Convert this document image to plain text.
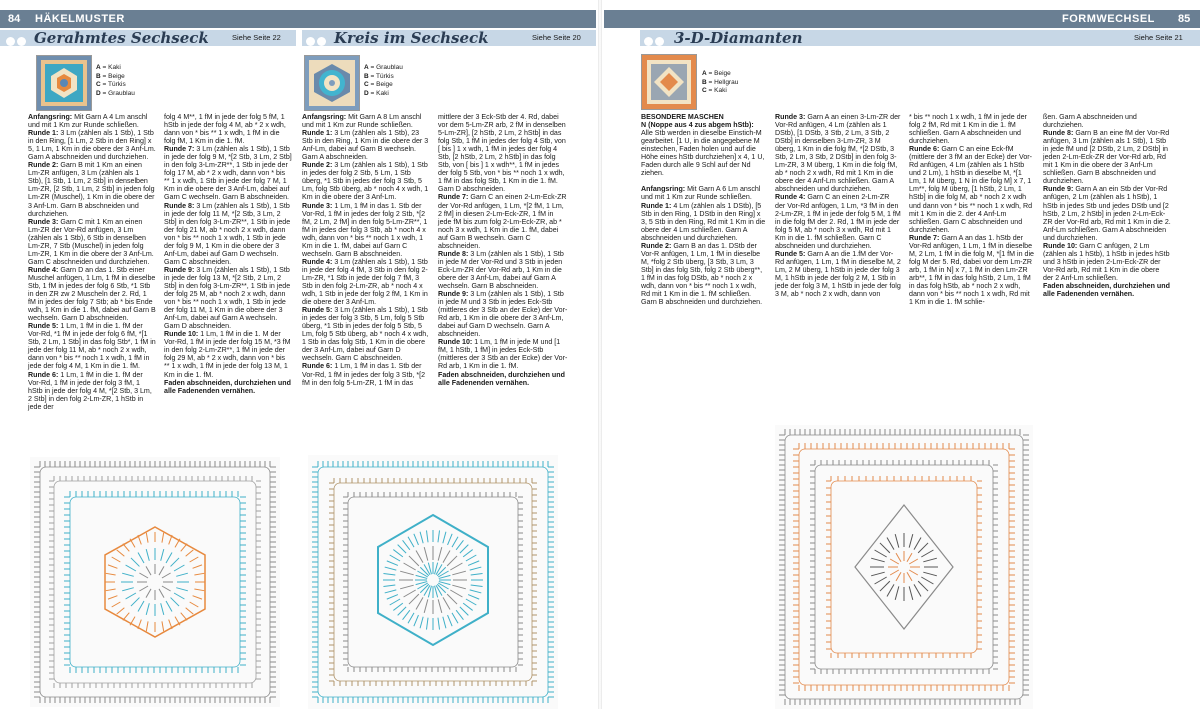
84 HÄKELMUSTER	FORMWECHSEL 85
Gerahmtes Sechseck	Siehe Seite 22	Kreis im Sechseck	Siehe Seite 20	3-D-Diamanten	Siehe Seite 21
A = Kaki
B = Beige
C = Türkis
D = Graublau
A = Graublau
B = Türkis
C = Beige
D = Kaki
A = Beige
B = Hellgrau
C = Kaki

Anfangsring: Mit Garn A 4 Lm anschl und mit 1 Km zur Runde schließen.

Runde 1: 3 Lm (zählen als 1 Stb), 1 Stb in den Ring, [1 Lm, 2 Stb in den Ring] x 5, 1 Lm, 1 Km in die obere der 3 Anf-Lm. Garn A abschneiden und durchziehen.

Runde 2: Garn B mit 1 Km an einen Lm-ZR anfügen, 3 Lm (zählen als 1 Stb), [1 Stb, 1 Lm, 2 Stb] in denselben Lm-ZR, [2 Stb, 1 Lm, 2 Stb] in jeden folg Lm-ZR (Muschel), 1 Km in die obere der 3 Anf-Lm. Garn B abschneiden und durchziehen.

Runde 3: Garn C mit 1 Km an einen Lm-ZR der Vor-Rd anfügen, 3 Lm (zählen als 1 Stb), 6 Stb in denselben Lm-ZR, 7 Stb (Muschel) in jeden folg Lm-ZR, 1 Km in die obere der 3 Anf-Lm. Garn C abschneiden und durchziehen.

Runde 4: Garn D an das 1. Stb einer Muschel anfügen, 1 Lm, 1 fM in dieselbe Stb, 1 fM in jedes der folg 6 Stb, *1 Stb in den ZR zw 2 Muscheln der 2. Rd, 1 fM in jedes der folg 7 Stb; ab * bis Ende wdh, 1 Km in die 1. fM, dabei auf Garn B wechseln. Garn D abschneiden.

Runde 5: 1 Lm, 1 fM in die 1. fM der Vor-Rd, *1 fM in jede der folg 6 fM, *[1 Stb, 2 Lm, 1 Stb] in das folg Stb*, 1 fM in jede der folg 11 M, ab * noch 2 x wdh, dann von * bis ** noch 1 x wdh, 1 fM in jede der folg 4 M, 1 Km in die 1. fM.

Runde 6: 1 Lm, 1 fM in die 1. fM der Vor-Rd, 1 fM in jede der folg 3 fM, 1 hStb in jede der folg 4 M, *[2 Stb, 3 Lm, 2 Stb] in den folg 2-Lm-ZR, 1 hStb in jede der

folg 4 M**, 1 fM in jede der folg 5 fM, 1 hStb in jede der folg 4 M, ab * 2 x wdh, dann von * bis ** 1 x wdh, 1 fM in die folg fM, 1 Km in die 1. fM.

Runde 7: 3 Lm (zählen als 1 Stb), 1 Stb in jede der folg 9 M, *[2 Stb, 3 Lm, 2 Stb] in den folg 3-Lm-ZR**, 1 Stb in jede der folg 17 M, ab * 2 x wdh, dann von * bis ** 1 x wdh, 1 Stb in jede der folg 7 M, 1 Km in die obere der 3 Anf-Lm, dabei auf Garn C wechseln. Garn B abschneiden.

Runde 8: 3 Lm (zählen als 1 Stb), 1 Stb in jede der folg 11 M, *[2 Stb, 3 Lm, 2 Stb] in den folg 3-Lm-ZR**, 1 Stb in jede der folg 21 M, ab * noch 2 x wdh, dann von * bis ** noch 1 x wdh, 1 Stb in jede der folg 9 M, 1 Km in die obere der 3 Anf-Lm, dabei auf Garn D wechseln. Garn C abschneiden.

Runde 9: 3 Lm (zählen als 1 Stb), 1 Stb in jede der folg 13 M, *[2 Stb, 2 Lm, 2 Stb] in den folg 3-Lm-ZR**, 1 Stb in jede der folg 25 M, ab * noch 2 x wdh, dann von * bis ** noch 1 x wdh, 1 Stb in jede der folg 11 M, 1 Km in die obere der 3 Anf-Lm, dabei auf Garn A wechseln. Garn D abschneiden.

Runde 10: 1 Lm, 1 fM in die 1. M der Vor-Rd, 1 fM in jede der folg 15 M, *3 fM in den folg 2-Lm-ZR**, 1 fM in jede der folg 29 M, ab * 2 x wdh, dann von * bis ** 1 x wdh, 1 fM in jede der folg 13 M, 1 Km in die 1. fM.

Faden abschneiden, durchziehen und alle Fadenenden vernähen.

Anfangsring: Mit Garn A 8 Lm anschl und mit 1 Km zur Runde schließen.

Runde 1: 3 Lm (zählen als 1 Stb), 23 Stb in den Ring, 1 Km in die obere der 3 Anf-Lm, dabei auf Garn B wechseln. Garn A abschneiden.

Runde 2: 3 Lm (zählen als 1 Stb), 1 Stb in jedes der folg 2 Stb, 5 Lm, 1 Stb überg, *1 Stb in jedes der folg 3 Stb, 5 Lm, folg Stb überg, ab * noch 4 x wdh, 1 Km in die obere der 3 Anf-Lm.

Runde 3: 1 Lm, 1 fM in das 1. Stb der Vor-Rd, 1 fM in jedes der folg 2 Stb, *[2 fM, 2 Lm, 2 fM] in den folg 5-Lm-ZR**, 1 fM in jedes der folg 3 Stb, ab * noch 4 x wdh, dann von * bis ** noch 1 x wdh, 1 Km in die 1. fM, dabei auf Garn C wechseln. Garn B abschneiden.

Runde 4: 3 Lm (zählen als 1 Stb), 1 Stb in jede der folg 4 fM, 3 Stb in den folg 2-Lm-ZR, *1 Stb in jede der folg 7 fM, 3 Stb in den folg 2-Lm-ZR, ab * noch 4 x wdh, 1 Stb in jede der folg 2 fM, 1 Km in die obere der 3 Anf-Lm.

Runde 5: 3 Lm (zählen als 1 Stb), 1 Stb in jedes der folg 3 Stb, 5 Lm, folg 5 Stb überg, *1 Stb in jedes der folg 5 Stb, 5 Lm, folg 5 Stb überg, ab * noch 4 x wdh, 1 Stb in das folg Stb, 1 Km in die obere der 3 Anf-Lm, dabei auf Garn D wechseln. Garn C abschneiden.

Runde 6: 1 Lm, 1 fM in das 1. Stb der Vor-Rd, 1 fM in jedes der folg 3 Stb, *[2 fM in den folg 5-Lm-ZR, 1 fM in das

mittlere der 3 Eck-Stb der 4. Rd, dabei vor dem 5-Lm-ZR arb, 2 fM in denselben 5-Lm-ZR], [2 hStb, 2 Lm, 2 hStb] in das folg Stb, 1 fM in jedes der folg 4 Stb, von [ bis ] 1 x wdh, 1 fM in jedes der folg 4 Stb, [2 hStb, 2 Lm, 2 hStb] in das folg Stb, von [ bis ] 1 x wdh**, 1 fM in jedes der folg 5 Stb, von * bis ** noch 1 x wdh, 1 fM in das folg Stb, 1 Km in die 1. fM. Garn D abschneiden.

Runde 7: Garn C an einen 2-Lm-Eck-ZR der Vor-Rd anfügen, 1 Lm, *[2 fM, 1 Lm, 2 fM] in diesen 2-Lm-Eck-ZR, 1 fM in jede fM bis zum folg 2-Lm-Eck-ZR, ab * noch 3 x wdh, 1 Km in die 1. fM, dabei auf Garn B wechseln. Garn C abschneiden.

Runde 8: 3 Lm (zählen als 1 Stb), 1 Stb in jede M der Vor-Rd und 3 Stb in jeden Eck-Lm-ZR der Vor-Rd arb, 1 Km in die obere der 3 Anf-Lm, dabei auf Garn A wechseln. Garn B abschneiden.

Runde 9: 3 Lm (zählen als 1 Stb), 1 Stb in jede M und 3 Stb in jedes Eck-Stb (mittleres der 3 Stb an der Ecke) der Vor-Rd arb, 1 Km in die obere der 3 Anf-Lm, dabei auf Garn D wechseln. Garn A abschneiden.

Runde 10: 1 Lm, 1 fM in jede M und [1 fM, 1 hStb, 1 fM] in jedes Eck-Stb (mittleres der 3 Stb an der Ecke) der Vor-Rd arb, 1 Km in die 1. fM.

Faden abschneiden, durchziehen und alle Fadenenden vernähen.

BESONDERE MASCHEN

N (Noppe aus 4 zus abgem hStb): Alle Stb werden in dieselbe Einstich-M gearbeitet. [1 U, in die angegebene M einstechen, Faden holen und auf die Höhe eines hStb durchziehen] x 4, 1 U, Faden durch alle 9 Schl auf der Nd ziehen.

Anfangsring: Mit Garn A 6 Lm anschl und mit 1 Km zur Runde schließen.

Runde 1: 4 Lm (zählen als 1 DStb), [5 Stb in den Ring, 1 DStb in den Ring] x 3, 5 Stb in den Ring, Rd mit 1 Km in die obere der 4 Lm schließen. Garn A abschneiden und durchziehen.

Runde 2: Garn B an das 1. DStb der Vor-R anfügen, 1 Lm, 1 fM in dieselbe M, *folg 2 Stb überg, [3 Stb, 3 Lm, 3 Stb] in das folg Stb, folg 2 Stb überg**, 1 fM in das folg DStb, ab * noch 2 x wdh, dann von * bis ** noch 1 x wdh, Rd mit 1 Km in die 1. fM schließen. Garn B abschneiden und durchziehen.

Runde 3: Garn A an einen 3-Lm-ZR der Vor-Rd anfügen, 4 Lm (zählen als 1 DStb), [1 DStb, 3 Stb, 2 Lm, 3 Stb, 2 DStb] in denselben 3-Lm-ZR, 3 M überg, 1 Km in die folg fM, *[2 DStb, 3 Stb, 2 Lm, 3 Stb, 2 DStb] in den folg 3-Lm-ZR, 3 M überg, 1 Km in die folg fM, ab * noch 2 x wdh, Rd mit 1 Km in die obere der 4 Anf-Lm schließen. Garn A abschneiden und durchziehen.

Runde 4: Garn C an einen 2-Lm-ZR der Vor-Rd anfügen, 1 Lm, *3 fM in den 2-Lm-ZR, 1 fM in jede der folg 5 M, 1 fM in die folg fM der 2. Rd, 1 fM in jede der folg 5 M, ab * noch 3 x wdh, Rd mit 1 Km in die 1. fM schließen. Garn C abschneiden und durchziehen.

Runde 5: Garn A an die 1.fM der Vor-Rd anfügen, 1 Lm, 1 fM in dieselbe M, 2 Lm, 2 M überg, 1 hStb in jede der folg 3 M, 1 hStb in jede der folg 2 M, 1 Stb in jede der folg 3 M, 1 hStb in jede der folg 3 M, ab * noch 2 x wdh, dann von

* bis ** noch 1 x wdh, 1 fM in jede der folg 2 fM, Rd mit 1 Km in die 1. fM schließen. Garn A abschneiden und durchziehen.

Runde 6: Garn C an eine Eck-fM (mittlere der 3 fM an der Ecke) der Vor-Rd anfügen, 4 Lm (zählen als 1 hStb und 2 Lm), 1 hStb in dieselbe M, *[1 Lm, 1 M überg, 1 N in die folg M] x 7, 1 Lm**, folg M überg, [1 hStb, 2 Lm, 1 hStb] in die folg M, ab * noch 2 x wdh und dann von * bis ** noch 1 x wdh, Rd mit 1 Km in die 2. der 4 Anf-Lm schließen. Garn C abschneiden und durchziehen.

Runde 7: Garn A an das 1. hStb der Vor-Rd anfügen, 1 Lm, 1 fM in dieselbe M, 2 Lm, 1 fM in die folg M, *[1 fM in die folg M der 5. Rd, dabei vor dem Lm-ZR arb, 1 fM in N] x 7, 1 fM in den Lm-ZR arb**, 1 fM in das folg hStb, 2 Lm, 1 fM in das folg hStb, ab * noch 2 x wdh, dann von * bis ** noch 1 x wdh, Rd mit 1 Km in die 1. fM schlie-

ßen. Garn A abschneiden und durchziehen.

Runde 8: Garn B an eine fM der Vor-Rd anfügen, 3 Lm (zählen als 1 Stb), 1 Stb in jede fM und [2 DStb, 2 Lm, 2 DStb] in jeden 2-Lm-Eck-ZR der Vor-Rd arb, Rd mit 1 Km in die obere der 3 Anf-Lm schließen. Garn B abschneiden und durchziehen.

Runde 9: Garn A an ein Stb der Vor-Rd anfügen, 2 Lm (zählen als 1 hStb), 1 hStb in jedes Stb und jedes DStb und [2 hStb, 2 Lm, 2 hStb] in jeden 2-Lm-Eck-ZR der Vor-Rd arb, Rd mit 1 Km in die 2. Anf-Lm schließen. Garn A abschneiden und durchziehen.

Runde 10: Garn C anfügen, 2 Lm (zählen als 1 hStb), 1 hStb in jedes hStb und 3 hStb in jeden 2-Lm-Eck-ZR der Vor-Rd arb, Rd mit 1 Km in die obere der 2 Anf-Lm schließen.

Faden abschneiden, durchziehen und alle Fadenenden vernähen.
